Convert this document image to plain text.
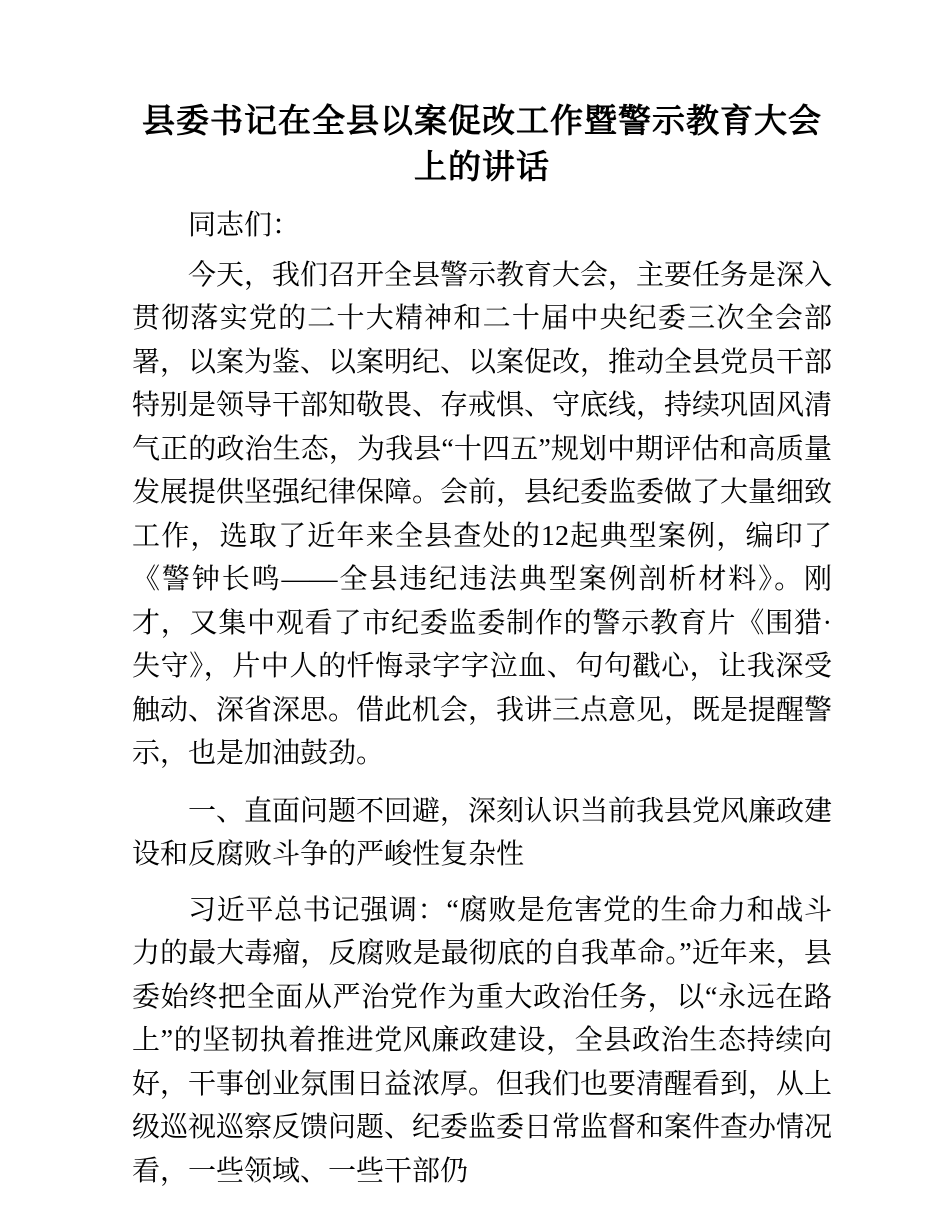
县委书记在全县以案促改工作暨警示教育大会上的讲话

同志们：

今天，我们召开全县警示教育大会，主要任务是深入贯彻落实党的二十大精神和二十届中央纪委三次全会部署，以案为鉴、以案明纪、以案促改，推动全县党员干部特别是领导干部知敬畏、存戒惧、守底线，持续巩固风清气正的政治生态，为我县“十四五”规划中期评估和高质量发展提供坚强纪律保障。会前，县纪委监委做了大量细致工作，选取了近年来全县查处的12起典型案例，编印了《警钟长鸣——全县违纪违法典型案例剖析材料》。刚才，又集中观看了市纪委监委制作的警示教育片《围猎·失守》，片中人的忏悔录字字泣血、句句戳心，让我深受触动、深省深思。借此机会，我讲三点意见，既是提醒警示，也是加油鼓劲。

一、直面问题不回避，深刻认识当前我县党风廉政建设和反腐败斗争的严峻性复杂性

习近平总书记强调：“腐败是危害党的生命力和战斗力的最大毒瘤，反腐败是最彻底的自我革命。”近年来，县委始终把全面从严治党作为重大政治任务，以“永远在路上”的坚韧执着推进党风廉政建设，全县政治生态持续向好，干事创业氛围日益浓厚。但我们也要清醒看到，从上级巡视巡察反馈问题、纪委监委日常监督和案件查办情况看，一些领域、一些干部仍
